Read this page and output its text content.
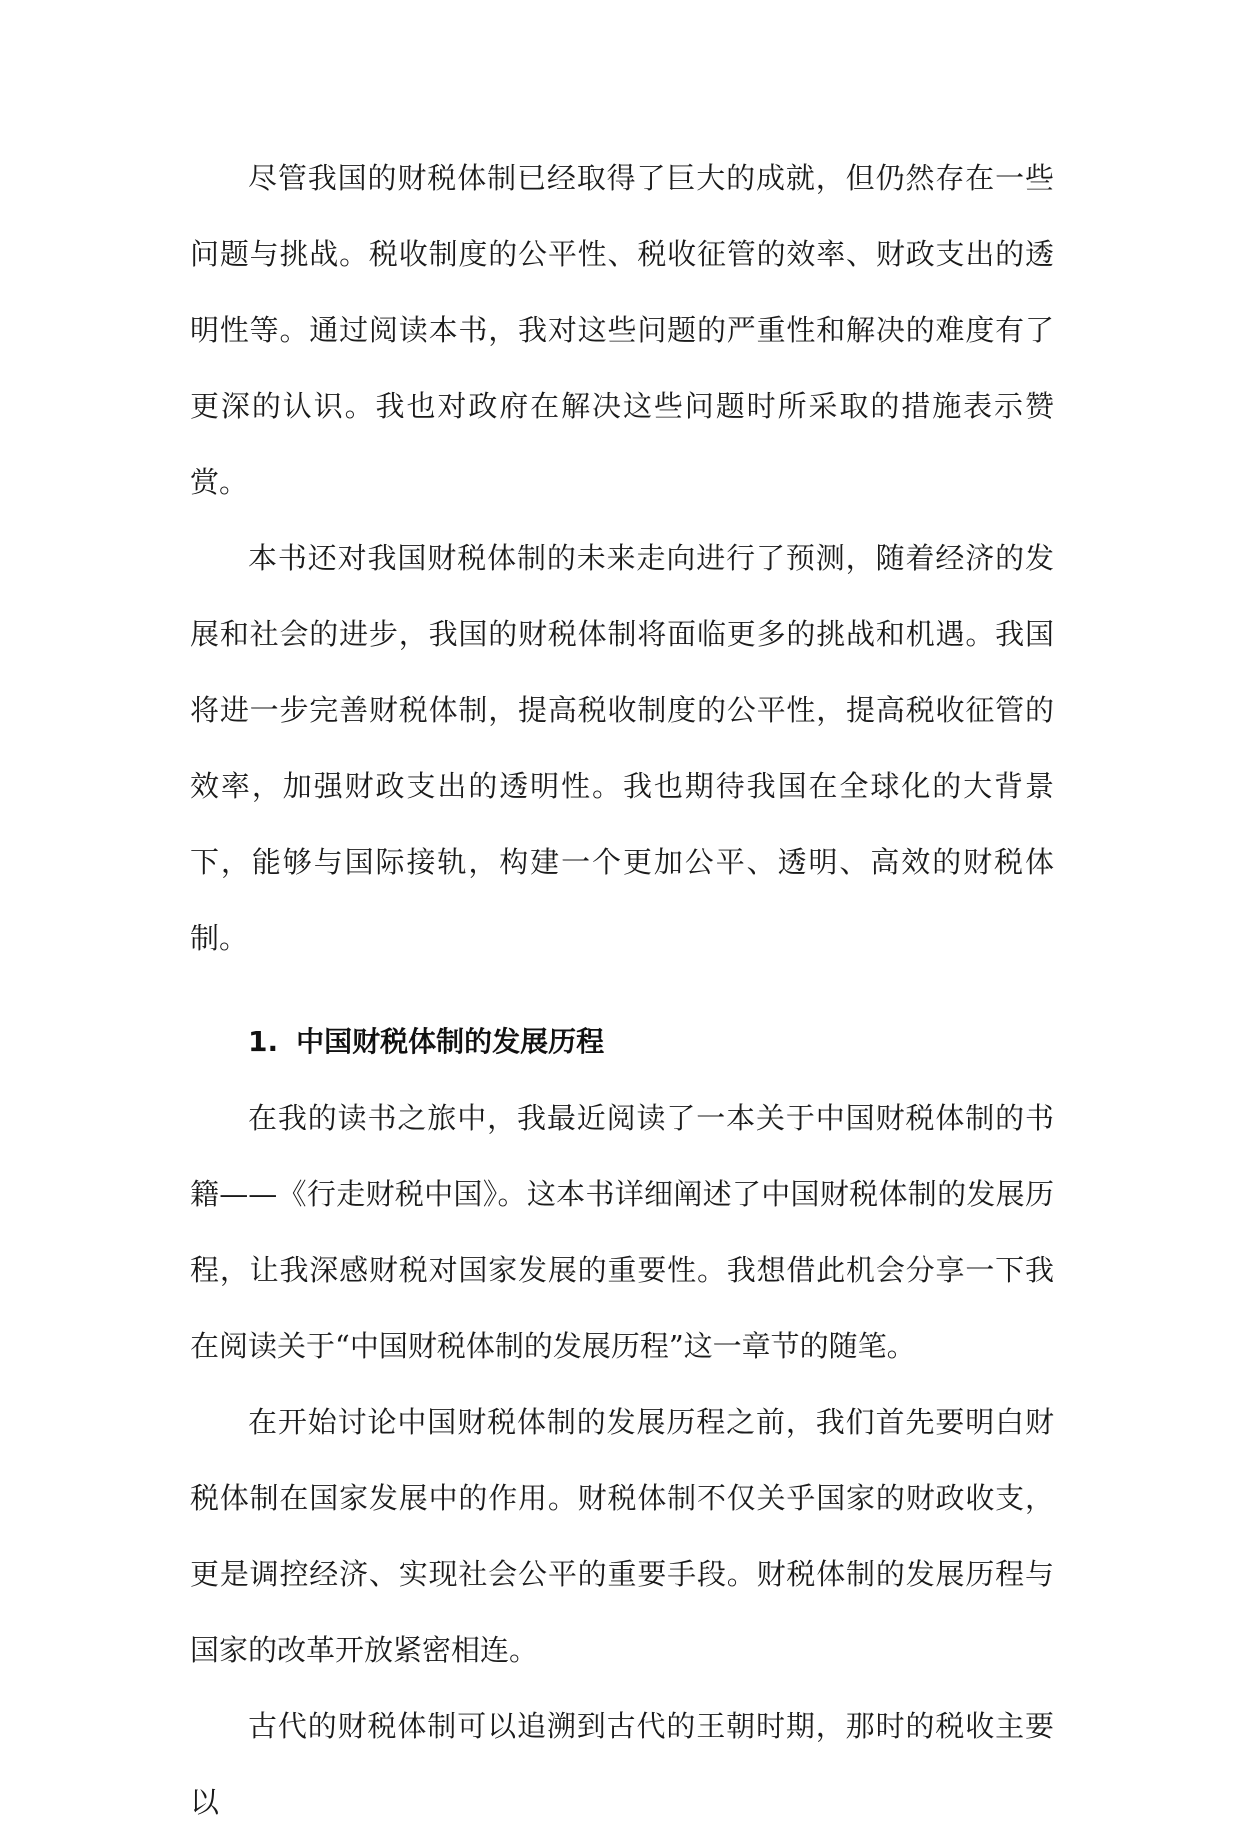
尽管我国的财税体制已经取得了巨大的成就，但仍然存在一些问题与挑战。税收制度的公平性、税收征管的效率、财政支出的透明性等。通过阅读本书，我对这些问题的严重性和解决的难度有了更深的认识。我也对政府在解决这些问题时所采取的措施表示赞赏。

本书还对我国财税体制的未来走向进行了预测，随着经济的发展和社会的进步，我国的财税体制将面临更多的挑战和机遇。我国将进一步完善财税体制，提高税收制度的公平性，提高税收征管的效率，加强财政支出的透明性。我也期待我国在全球化的大背景下，能够与国际接轨，构建一个更加公平、透明、高效的财税体制。

1. 中国财税体制的发展历程

在我的读书之旅中，我最近阅读了一本关于中国财税体制的书籍——《行走财税中国》。这本书详细阐述了中国财税体制的发展历程，让我深感财税对国家发展的重要性。我想借此机会分享一下我在阅读关于“中国财税体制的发展历程”这一章节的随笔。

在开始讨论中国财税体制的发展历程之前，我们首先要明白财税体制在国家发展中的作用。财税体制不仅关乎国家的财政收支，更是调控经济、实现社会公平的重要手段。财税体制的发展历程与国家的改革开放紧密相连。

古代的财税体制可以追溯到古代的王朝时期，那时的税收主要以
